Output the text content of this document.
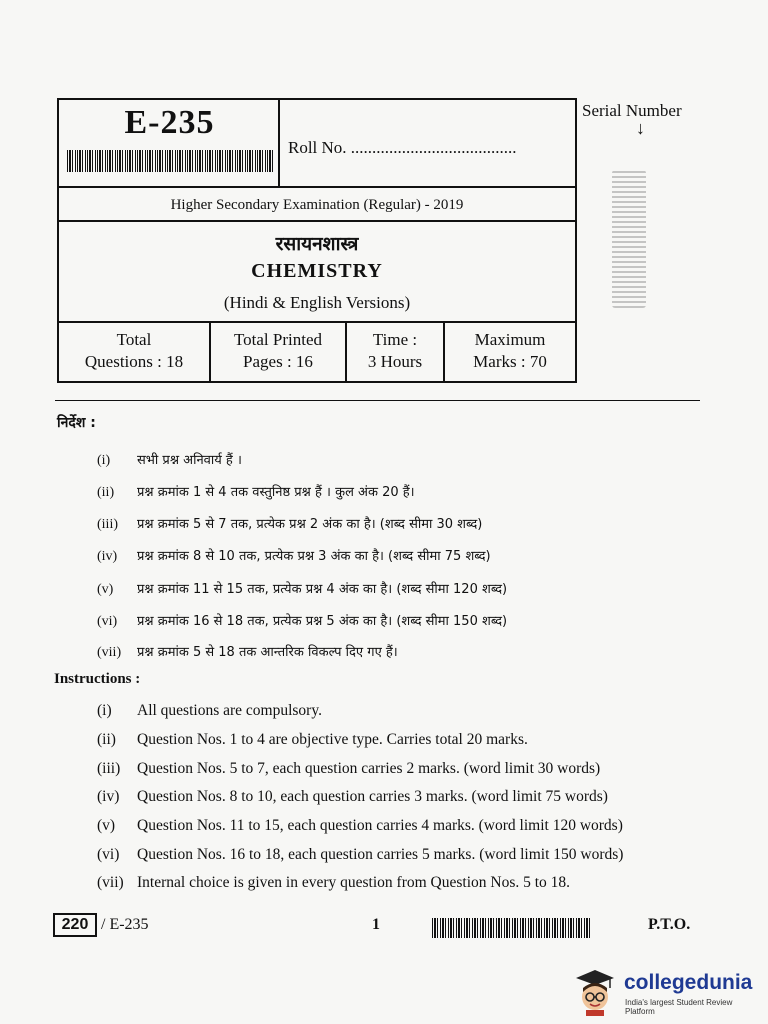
E-235
Roll No. .......................................
Higher Secondary Examination (Regular) - 2019
रसायनशास्त्र
CHEMISTRY
(Hindi & English Versions)
Total
Questions : 18
Total Printed
Pages : 16
Time :
3 Hours
Maximum
Marks : 70
Serial Number
↓
निर्देश :
(i) सभी प्रश्न अनिवार्य हैं ।
(ii) प्रश्न क्रमांक 1 से 4 तक वस्तुनिष्ठ प्रश्न हैं । कुल अंक 20 हैं।
(iii) प्रश्न क्रमांक 5 से 7 तक, प्रत्येक प्रश्न 2 अंक का है। (शब्द सीमा 30 शब्द)
(iv) प्रश्न क्रमांक 8 से 10 तक, प्रत्येक प्रश्न 3 अंक का है। (शब्द सीमा 75 शब्द)
(v) प्रश्न क्रमांक 11 से 15 तक, प्रत्येक प्रश्न 4 अंक का है। (शब्द सीमा 120 शब्द)
(vi) प्रश्न क्रमांक 16 से 18 तक, प्रत्येक प्रश्न 5 अंक का है। (शब्द सीमा 150 शब्द)
(vii) प्रश्न क्रमांक 5 से 18 तक आन्तरिक विकल्प दिए गए हैं।
Instructions :
(i) All questions are compulsory.
(ii) Question Nos. 1 to 4 are objective type. Carries total 20 marks.
(iii) Question Nos. 5 to 7, each question carries 2 marks. (word limit 30 words)
(iv) Question Nos. 8 to 10, each question carries 3 marks. (word limit 75 words)
(v) Question Nos. 11 to 15, each question carries 4 marks. (word limit 120 words)
(vi) Question Nos. 16 to 18, each question carries 5 marks. (word limit 150 words)
(vii) Internal choice is given in every question from Question Nos. 5 to 18.
220 / E-235	1	P.T.O.
collegedunia
India's largest Student Review Platform
